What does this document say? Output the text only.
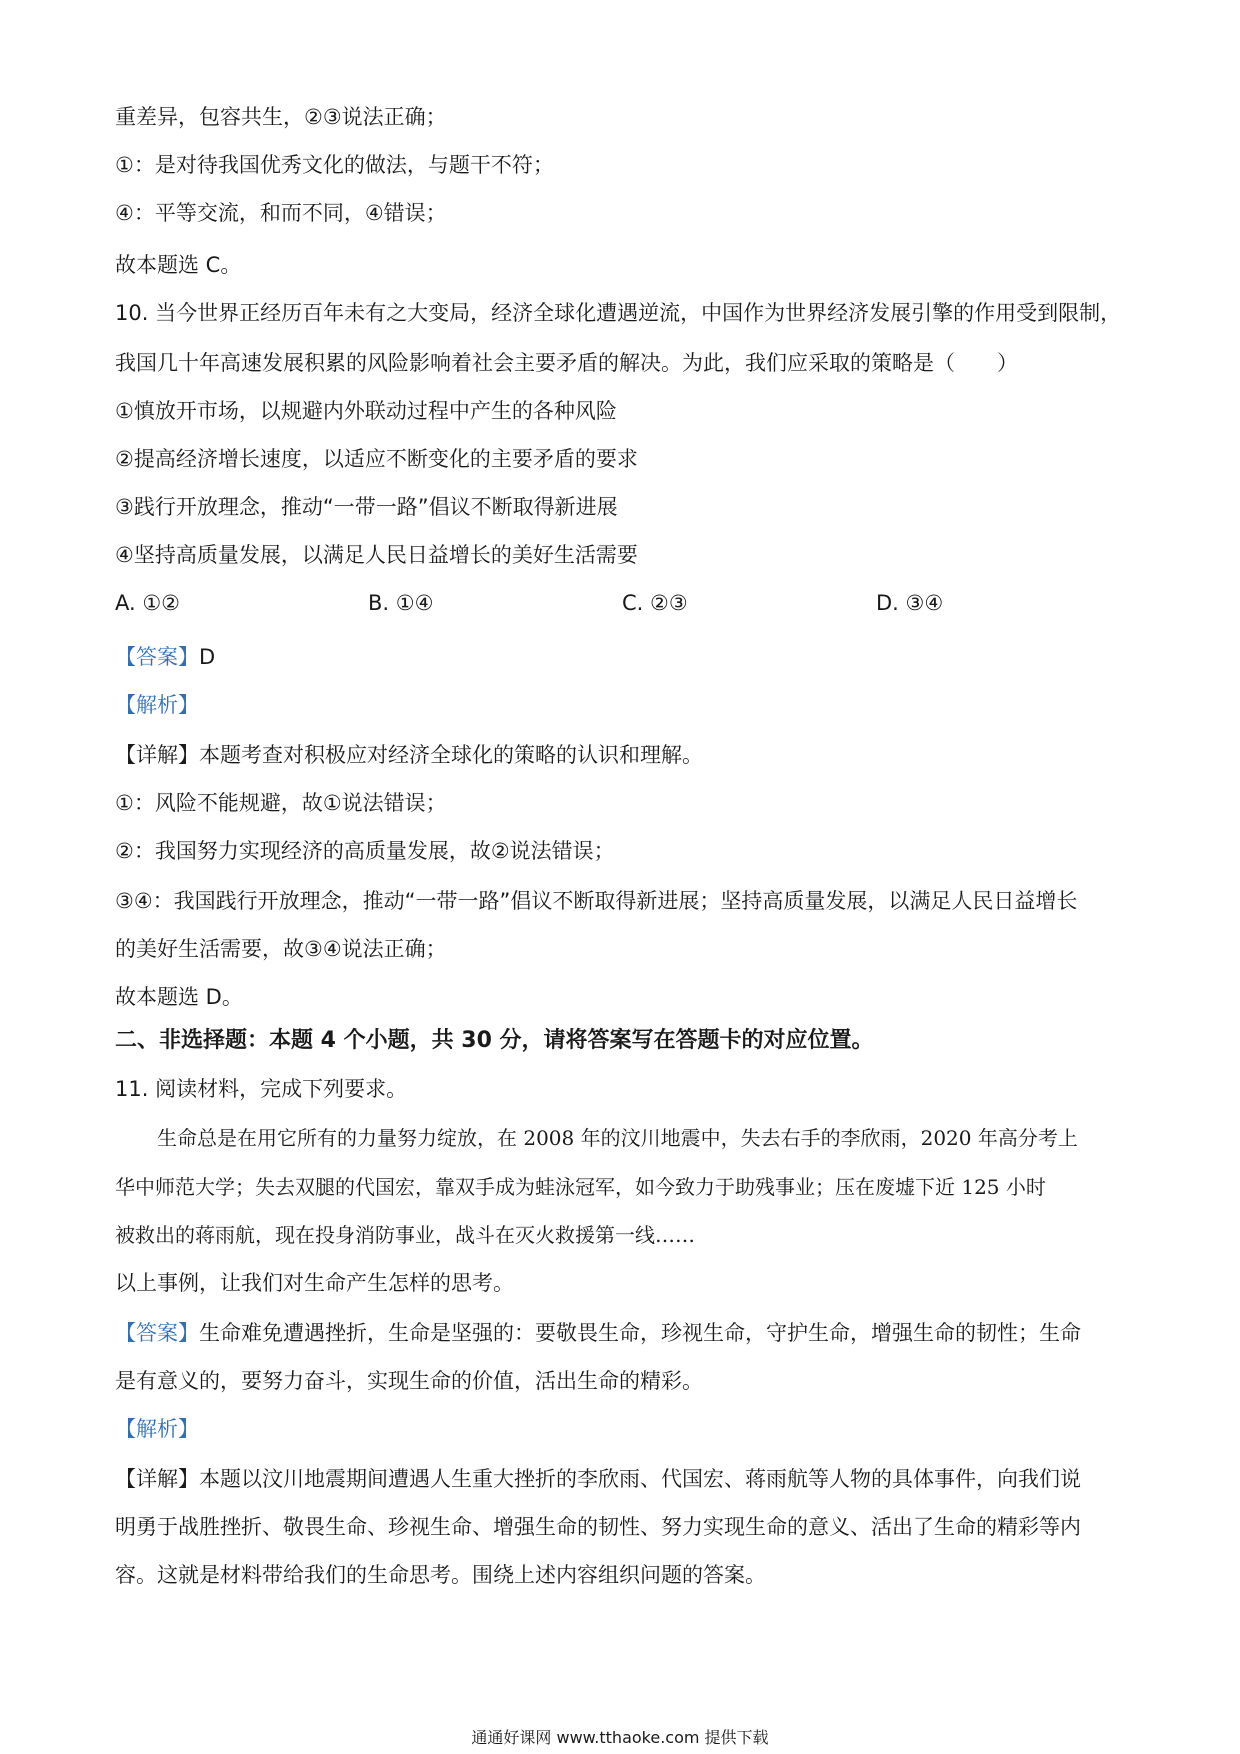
重差异，包容共生，②③说法正确；
①：是对待我国优秀文化的做法，与题干不符；
④：平等交流，和而不同，④错误；
故本题选 C。
10. 当今世界正经历百年未有之大变局，经济全球化遭遇逆流，中国作为世界经济发展引擎的作用受到限制，
我国几十年高速发展积累的风险影响着社会主要矛盾的解决。为此，我们应采取的策略是（　　）
①慎放开市场，以规避内外联动过程中产生的各种风险
②提高经济增长速度，以适应不断变化的主要矛盾的要求
③践行开放理念，推动“一带一路”倡议不断取得新进展
④坚持高质量发展，以满足人民日益增长的美好生活需要
A. ①②	B. ①④	C. ②③	D. ③④
【答案】D
【解析】
【详解】本题考查对积极应对经济全球化的策略的认识和理解。
①：风险不能规避，故①说法错误；
②：我国努力实现经济的高质量发展，故②说法错误；
③④：我国践行开放理念，推动“一带一路”倡议不断取得新进展；坚持高质量发展，以满足人民日益增长
的美好生活需要，故③④说法正确；
故本题选 D。
二、非选择题：本题 4 个小题，共 30 分，请将答案写在答题卡的对应位置。
11. 阅读材料，完成下列要求。
生命总是在用它所有的力量努力绽放，在 2008 年的汶川地震中，失去右手的李欣雨，2020 年高分考上
华中师范大学；失去双腿的代国宏，靠双手成为蛙泳冠军，如今致力于助残事业；压在废墟下近 125 小时
被救出的蒋雨航，现在投身消防事业，战斗在灭火救援第一线……
以上事例，让我们对生命产生怎样的思考。
【答案】生命难免遭遇挫折，生命是坚强的：要敬畏生命，珍视生命，守护生命，增强生命的韧性；生命
是有意义的，要努力奋斗，实现生命的价值，活出生命的精彩。
【解析】
【详解】本题以汶川地震期间遭遇人生重大挫折的李欣雨、代国宏、蒋雨航等人物的具体事件，向我们说
明勇于战胜挫折、敬畏生命、珍视生命、增强生命的韧性、努力实现生命的意义、活出了生命的精彩等内
容。这就是材料带给我们的生命思考。围绕上述内容组织问题的答案。
通通好课网 www.tthaoke.com 提供下载
